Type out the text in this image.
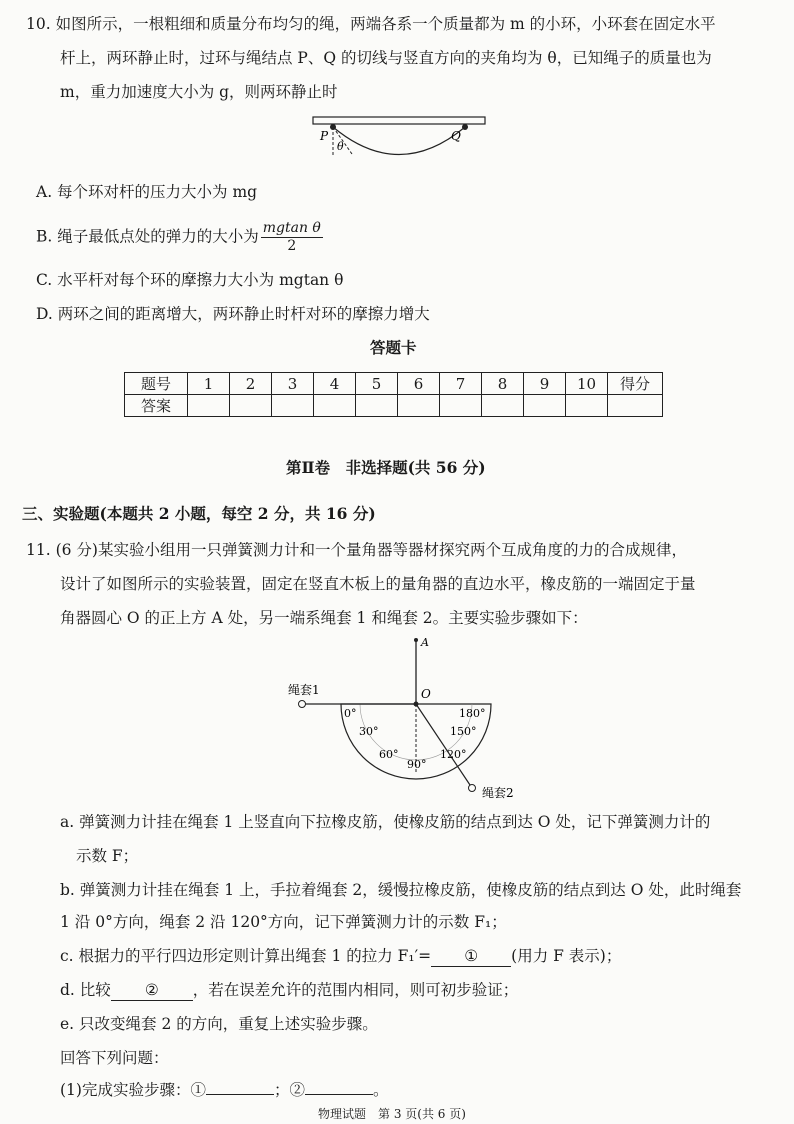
10. 如图所示，一根粗细和质量分布均匀的绳，两端各系一个质量都为 m 的小环，小环套在固定水平
杆上，两环静止时，过环与绳结点 P、Q 的切线与竖直方向的夹角均为 θ，已知绳子的质量也为
m，重力加速度大小为 g，则两环静止时
P	Q
θ
A. 每个环对杆的压力大小为 mg
B. 绳子最低点处的弹力的大小为 $\frac{\text{mgtan θ}}{2}$
C. 水平杆对每个环的摩擦力大小为 mgtan θ
D. 两环之间的距离增大，两环静止时杆对环的摩擦力增大
答题卡
题号	1	2	3	4	5	6	7	8	9	10	得分
答案											
第Ⅱ卷　非选择题(共 56 分)
三、实验题(本题共 2 小题，每空 2 分，共 16 分)
11. (6 分)某实验小组用一只弹簧测力计和一个量角器等器材探究两个互成角度的力的合成规律，
设计了如图所示的实验装置，固定在竖直木板上的量角器的直边水平，橡皮筋的一端固定于量
角器圆心 O 的正上方 A 处，另一端系绳套 1 和绳套 2。主要实验步骤如下：
A
O
绳套1
绳套2
0°
30°
60°
90°
120°
150°
180°
a. 弹簧测力计挂在绳套 1 上竖直向下拉橡皮筋，使橡皮筋的结点到达 O 处，记下弹簧测力计的
示数 F；
b. 弹簧测力计挂在绳套 1 上，手拉着绳套 2，缓慢拉橡皮筋，使橡皮筋的结点到达 O 处，此时绳套
1 沿 0°方向，绳套 2 沿 120°方向，记下弹簧测力计的示数 F₁；
c. 根据力的平行四边形定则计算出绳套 1 的拉力 F₁′= ① (用力 F 表示)；
d. 比较 ② ，若在误差允许的范围内相同，则可初步验证；
e. 只改变绳套 2 的方向，重复上述实验步骤。
回答下列问题：
(1)完成实验步骤：①	；②	。
物理试题　第 3 页(共 6 页)
